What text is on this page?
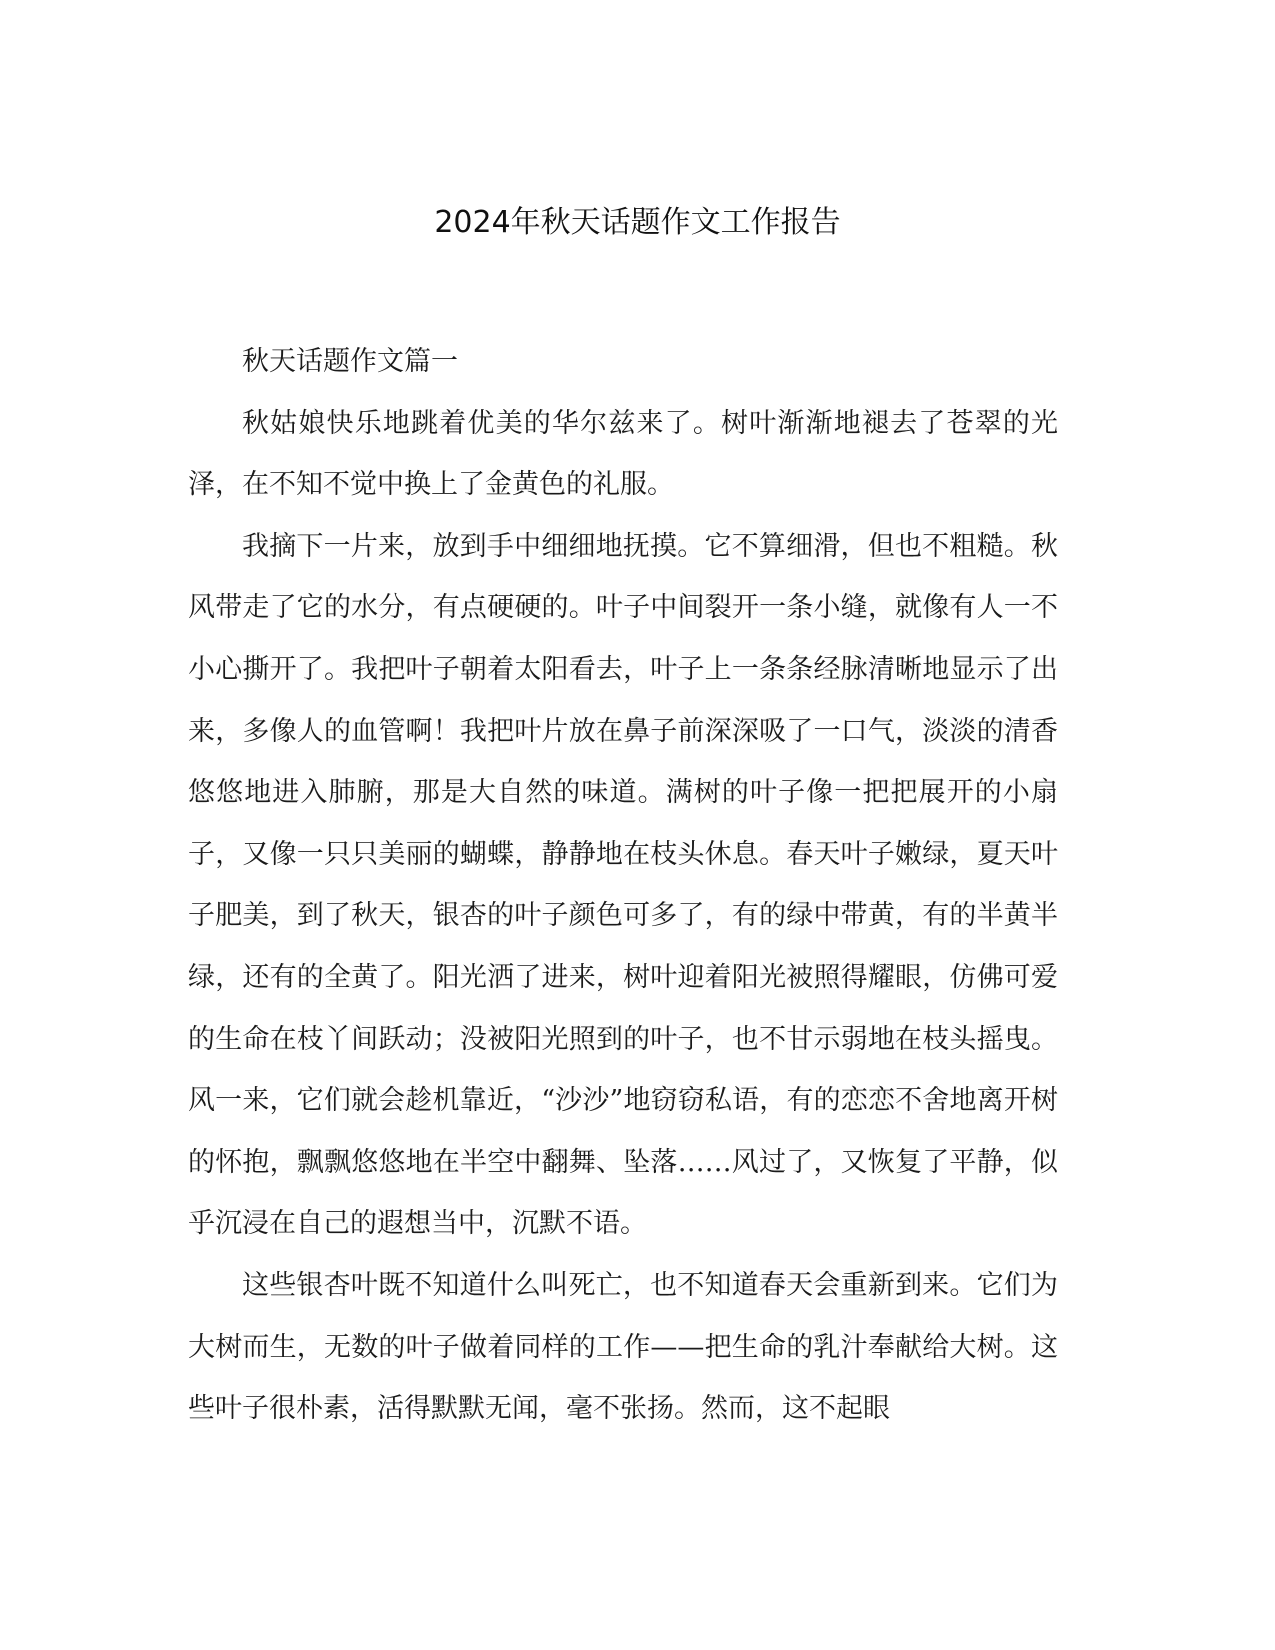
2024年秋天话题作文工作报告

秋天话题作文篇一

秋姑娘快乐地跳着优美的华尔兹来了。树叶渐渐地褪去了苍翠的光泽，在不知不觉中换上了金黄色的礼服。

我摘下一片来，放到手中细细地抚摸。它不算细滑，但也不粗糙。秋风带走了它的水分，有点硬硬的。叶子中间裂开一条小缝，就像有人一不小心撕开了。我把叶子朝着太阳看去，叶子上一条条经脉清晰地显示了出来，多像人的血管啊！我把叶片放在鼻子前深深吸了一口气，淡淡的清香悠悠地进入肺腑，那是大自然的味道。满树的叶子像一把把展开的小扇子，又像一只只美丽的蝴蝶，静静地在枝头休息。春天叶子嫩绿，夏天叶子肥美，到了秋天，银杏的叶子颜色可多了，有的绿中带黄，有的半黄半绿，还有的全黄了。阳光洒了进来，树叶迎着阳光被照得耀眼，仿佛可爱的生命在枝丫间跃动；没被阳光照到的叶子，也不甘示弱地在枝头摇曳。风一来，它们就会趁机靠近，“沙沙”地窃窃私语，有的恋恋不舍地离开树的怀抱，飘飘悠悠地在半空中翻舞、坠落……风过了，又恢复了平静，似乎沉浸在自己的遐想当中，沉默不语。

这些银杏叶既不知道什么叫死亡，也不知道春天会重新到来。它们为大树而生，无数的叶子做着同样的工作——把生命的乳汁奉献给大树。这些叶子很朴素，活得默默无闻，毫不张扬。然而，这不起眼
